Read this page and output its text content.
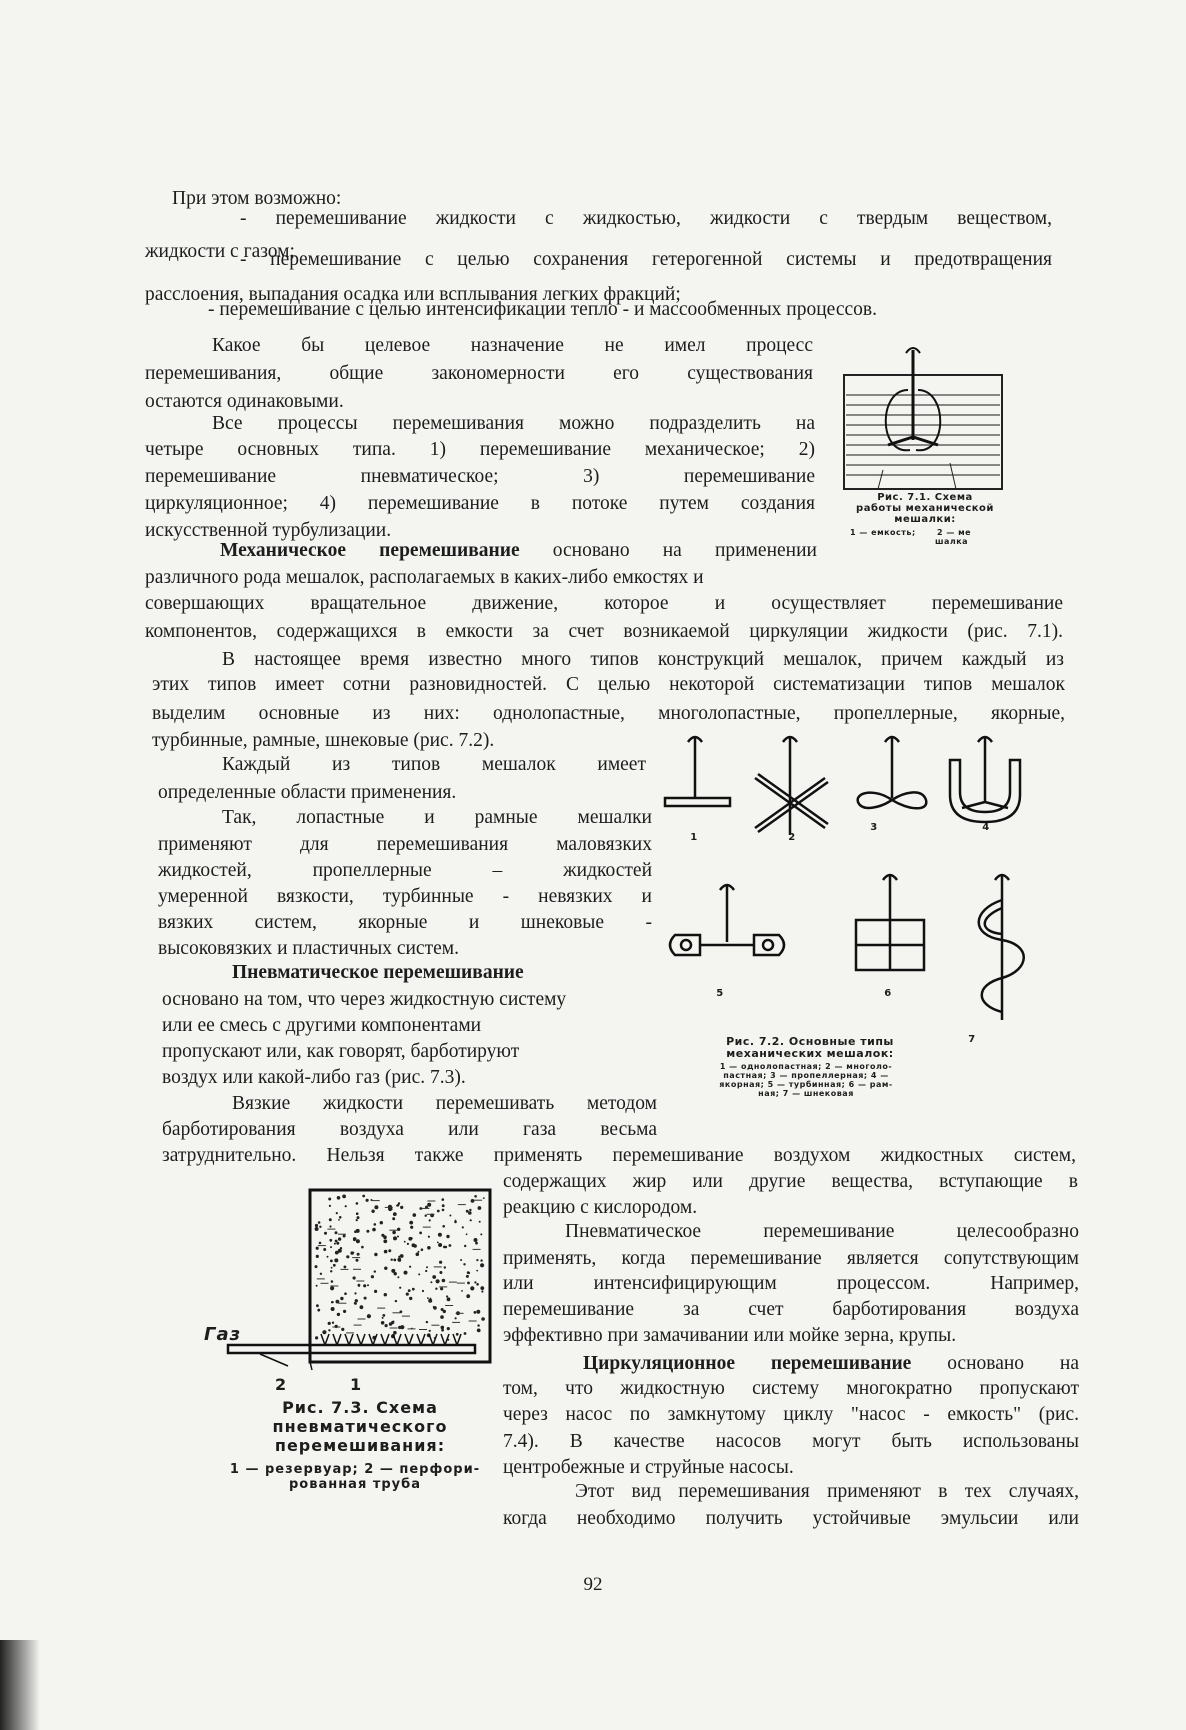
При этом возможно:
- перемешивание жидкости с жидкостью, жидкости с твердым веществом,
жидкости с газом;
- перемешивание с целью сохранения гетерогенной системы и предотвращения
расслоения, выпадания осадка или всплывания легких фракций;
- перемешивание с целью интенсификации тепло - и массообменных процессов.
Какое бы целевое назначение не имел процесс
перемешивания, общие закономерности его существования
остаются одинаковыми.
Все процессы перемешивания можно подразделить на
четыре основных типа. 1) перемешивание механическое; 2)
перемешивание пневматическое; 3) перемешивание
циркуляционное; 4) перемешивание в потоке путем создания
искусственной турбулизации.
Механическое перемешивание основано на применении
различного рода мешалок, располагаемых в каких-либо емкостях и
совершающих вращательное движение, которое и осуществляет перемешивание
компонентов, содержащихся в емкости за счет возникаемой циркуляции жидкости (рис. 7.1).
В настоящее время известно много типов конструкций мешалок, причем каждый из
этих типов имеет сотни разновидностей. С целью некоторой систематизации типов мешалок
выделим основные из них: однолопастные, многолопастные, пропеллерные, якорные,
турбинные, рамные, шнековые (рис. 7.2).
Каждый из типов мешалок имеет
определенные области применения.
Так, лопастные и рамные мешалки
применяют для перемешивания маловязких
жидкостей, пропеллерные – жидкостей
умеренной вязкости, турбинные - невязких и
вязких систем, якорные и шнековые -
высоковязких и пластичных систем.
Пневматическое перемешивание
основано на том, что через жидкостную систему
или ее смесь с другими компонентами
пропускают или, как говорят, барботируют
воздух или какой-либо газ (рис. 7.3).
Вязкие жидкости перемешивать методом
барботирования воздуха или газа весьма
затруднительно. Нельзя также применять перемешивание воздухом жидкостных систем,
содержащих жир или другие вещества, вступающие в
реакцию с кислородом.
Пневматическое перемешивание целесообразно
применять, когда перемешивание является сопутствующим
или интенсифицирующим процессом. Например,
перемешивание за счет барботирования воздуха
эффективно при замачивании или мойке зерна, крупы.
Циркуляционное перемешивание основано на
том, что жидкостную систему многократно пропускают
через насос по замкнутому циклу "насос - емкость" (рис.
7.4). В качестве насосов могут быть использованы
центробежные и струйные насосы.
Этот вид перемешивания применяют в тех случаях,
когда необходимо получить устойчивые эмульсии или
Рис. 7.1. Схема
работы механической
мешалки:
1 — емкость;	2 — ме
шалка
1	2
3	4
5	6
7
Рис. 7.2. Основные типы
механических мешалок:
1 — однолопастная; 2 — многоло-
пастная; 3 — пропеллерная; 4 —
якорная; 5 — турбинная; 6 — рам-
ная; 7 — шнековая
Газ
2	1
Рис. 7.3. Схема
пневматического
перемешивания:
1 — резервуар; 2 — перфори-
рованная труба
92
